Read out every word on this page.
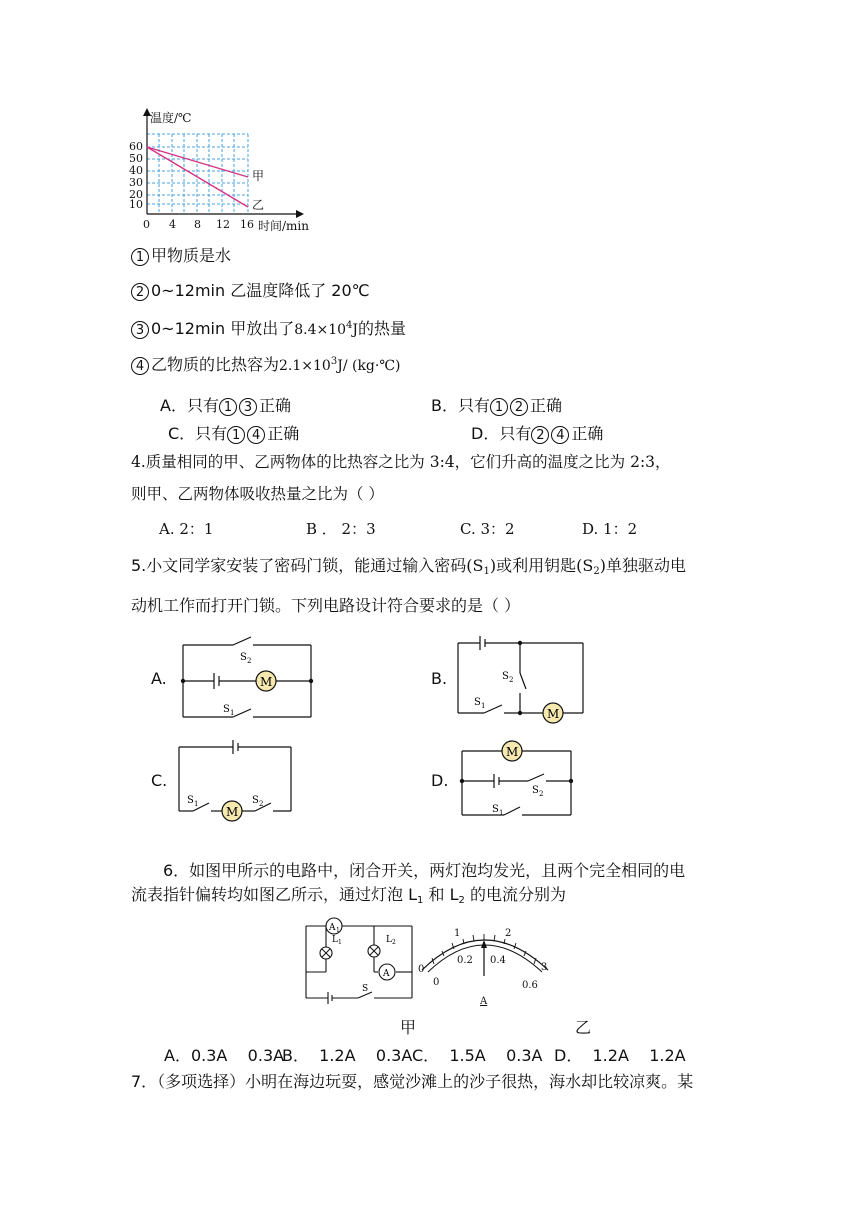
60
50
40
30
20
10
0 4 8 12 16
温度/℃
时间/min
甲
乙
1 甲物质是水
2 0~12min 乙温度降低了 20℃
3 0~12min 甲放出了$8.4\times 10^4J$的热量
4 乙物质的比热容为$2.1\times 10^3J/$ (kg·℃)
A．只有 1 3 正确	B．只有 1 2 正确
C．只有 1 4 正确	D．只有 2 4 正确
4.质量相同的甲、乙两物体的比热容之比为 3:4，它们升高的温度之比为 2:3，
则甲、乙两物体吸收热量之比为（ ）
A. 2：1	B ． 2：3	C. 3：2	D. 1：2
5.小文同学家安装了密码门锁，能通过输入密码$(S_1)$或利用钥匙$(S_2)$单独驱动电
动机工作而打开门锁。下列电路设计符合要求的是（ ）
A.	M
S 2
S 1
B.
M
S 2
S 1
C.
M
S 1	S 2
D.
M
S 2
S 1
6．如图甲所示的电路中，闭合开关，两灯泡均发光，且两个完全相同的电
流表指针偏转均如图乙所示，通过灯泡 $L_1$ 和 $L_2$ 的电流分别为
A 1
L 1	L 2
A
S
0
1	2
3
0
0.2 0.4
0.6
A
甲	乙
A．0.3A    0.3A
B．  1.2A    0.3A C．  1.5A    0.3A D．  1.2A    1.2A
7．（多项选择）小明在海边玩耍，感觉沙滩上的沙子很热，海水却比较凉爽。某
